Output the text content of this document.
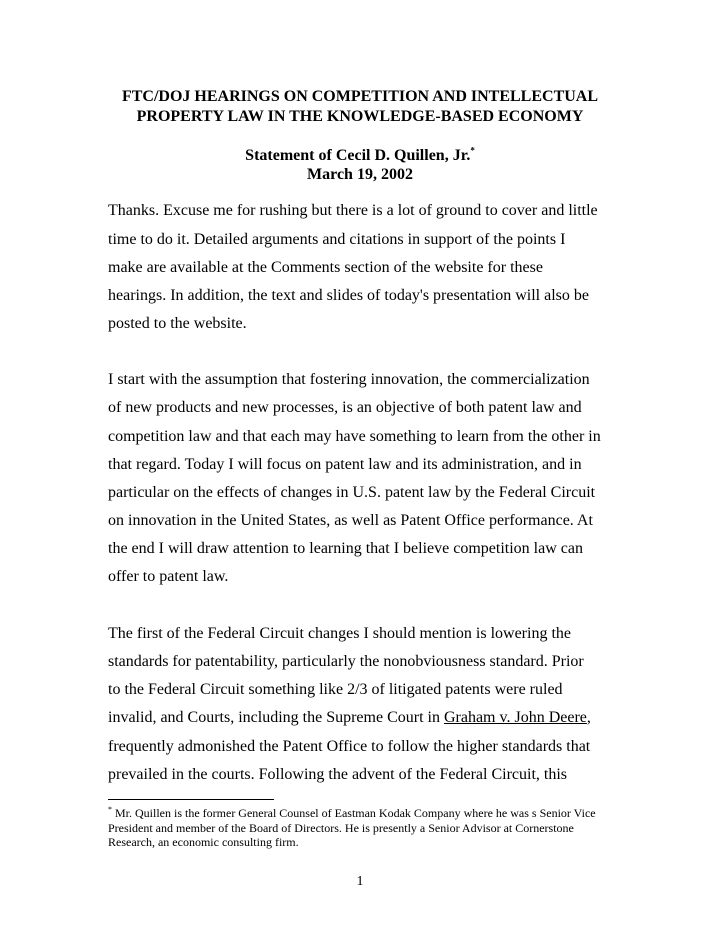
FTC/DOJ HEARINGS ON COMPETITION AND INTELLECTUAL
PROPERTY LAW IN THE KNOWLEDGE-BASED ECONOMY
Statement of Cecil D. Quillen, Jr.*
March 19, 2002
Thanks. Excuse me for rushing but there is a lot of ground to cover and little
time to do it. Detailed arguments and citations in support of the points I
make are available at the Comments section of the website for these
hearings. In addition, the text and slides of today's presentation will also be
posted to the website.
I start with the assumption that fostering innovation, the commercialization
of new products and new processes, is an objective of both patent law and
competition law and that each may have something to learn from the other in
that regard. Today I will focus on patent law and its administration, and in
particular on the effects of changes in U.S. patent law by the Federal Circuit
on innovation in the United States, as well as Patent Office performance. At
the end I will draw attention to learning that I believe competition law can
offer to patent law.
The first of the Federal Circuit changes I should mention is lowering the
standards for patentability, particularly the nonobviousness standard. Prior
to the Federal Circuit something like 2/3 of litigated patents were ruled
invalid, and Courts, including the Supreme Court in Graham v. John Deere,
frequently admonished the Patent Office to follow the higher standards that
prevailed in the courts. Following the advent of the Federal Circuit, this
* Mr. Quillen is the former General Counsel of Eastman Kodak Company where he was s Senior Vice
President and member of the Board of Directors. He is presently a Senior Advisor at Cornerstone
Research, an economic consulting firm.
1
